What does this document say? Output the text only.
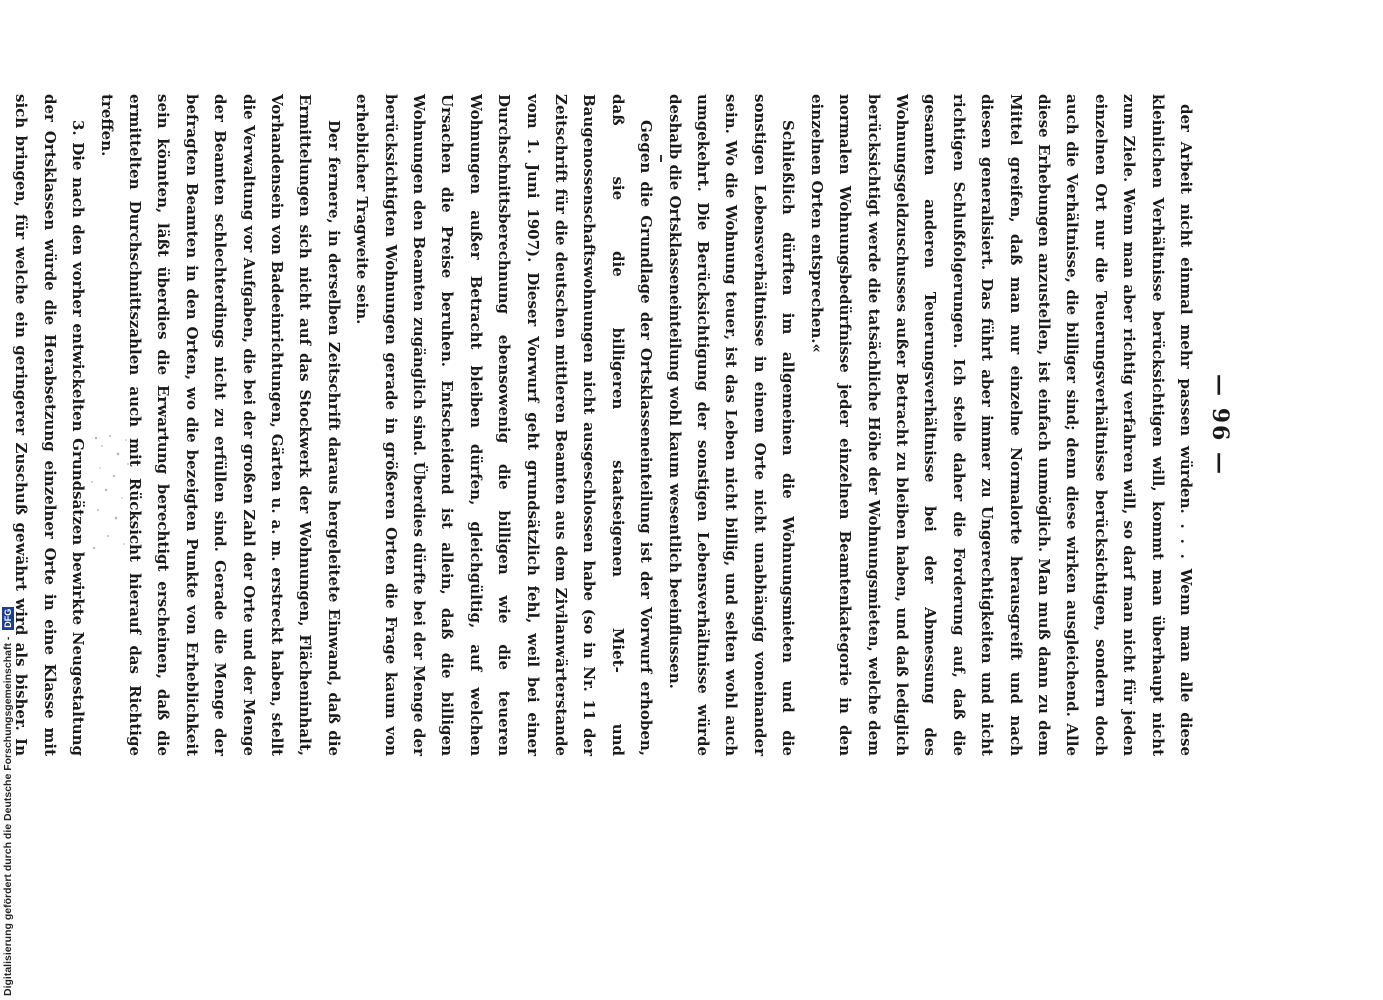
Digitalisierung gefördert durch die Deutsche Forschungsgemeinschaft - DFG
— 96 —

der Arbeit nicht einmal mehr passen würden. . . . Wenn man alle diese kleinlichen Verhältnisse berücksichtigen will, kommt man überhaupt nicht zum Ziele. Wenn man aber richtig verfahren will, so darf man nicht für jeden einzelnen Ort nur die Teuerungsverhältnisse berücksichtigen, sondern doch auch die Verhältnisse, die billiger sind; denn diese wirken ausgleichend. Alle diese Erhebungen anzustellen, ist einfach unmöglich. Man muß dann zu dem Mittel greifen, daß man nur einzelne Normalorte herausgreift und nach diesen generalisiert. Das führt aber immer zu Ungerechtigkeiten und nicht richtigen Schlußfolgerungen. Ich stelle daher die Forderung auf, daß die gesamten anderen Teuerungsverhältnisse bei der Abmessung des Wohnungsgeldzuschusses außer Betracht zu bleiben haben, und daß lediglich berücksichtigt werde die tatsächliche Höhe der Wohnungsmieten, welche dem normalen Wohnungsbedürfnisse jeder einzelnen Beamtenkategorie in den einzelnen Orten entsprechen.«

Schließlich dürften im allgemeinen die Wohnungsmieten und die sonstigen Lebensverhältnisse in einem Orte nicht unabhängig voneinander sein. Wo die Wohnung teuer, ist das Leben nicht billig, und selten wohl auch umgekehrt. Die Berücksichtigung der sonstigen Lebensverhältnisse würde deshalb die Ortsklasseneinteilung wohl kaum wesentlich beeinflussen.

Gegen die Grundlage der Ortsklasseneinteilung ist der Vorwurf erhoben, daß sie die billigeren staatseigenen Miet- und Baugenossenschaftswohnungen nicht ausgeschlossen habe (so in Nr. 11 der Zeitschrift für die deutschen mittleren Beamten aus dem Zivilanwärterstande vom 1. Juni 1907). Dieser Vorwurf geht grundsätzlich fehl, weil bei einer Durchschnittsberechnung ebensowenig die billigen wie die teueren Wohnungen außer Betracht bleiben dürfen, gleichgültig, auf welchen Ursachen die Preise beruhen. Entscheidend ist allein, daß die billigen Wohnungen den Beamten zugänglich sind. Überdies dürfte bei der Menge der berücksichtigten Wohnungen gerade in größeren Orten die Frage kaum von erheblicher Tragweite sein.

Der fernere, in derselben Zeitschrift daraus hergeleitete Einwand, daß die Ermittelungen sich nicht auf das Stockwerk der Wohnungen, Flächeninhalt, Vorhandensein von Badeeinrichtungen, Gärten u. a. m. erstreckt haben, stellt die Verwaltung vor Aufgaben, die bei der großen Zahl der Orte und der Menge der Beamten schlechterdings nicht zu erfüllen sind. Gerade die Menge der befragten Beamten in den Orten, wo die bezeigten Punkte von Erheblichkeit sein könnten, läßt überdies die Erwartung berechtigt erscheinen, daß die ermittelten Durchschnittszahlen auch mit Rücksicht hierauf das Richtige treffen.

3. Die nach den vorher entwickelten Grundsätzen bewirkte Neugestaltung der Ortsklassen würde die Herabsetzung einzelner Orte in eine Klasse mit sich bringen, für welche ein geringerer Zuschuß gewährt wird als bisher. In
